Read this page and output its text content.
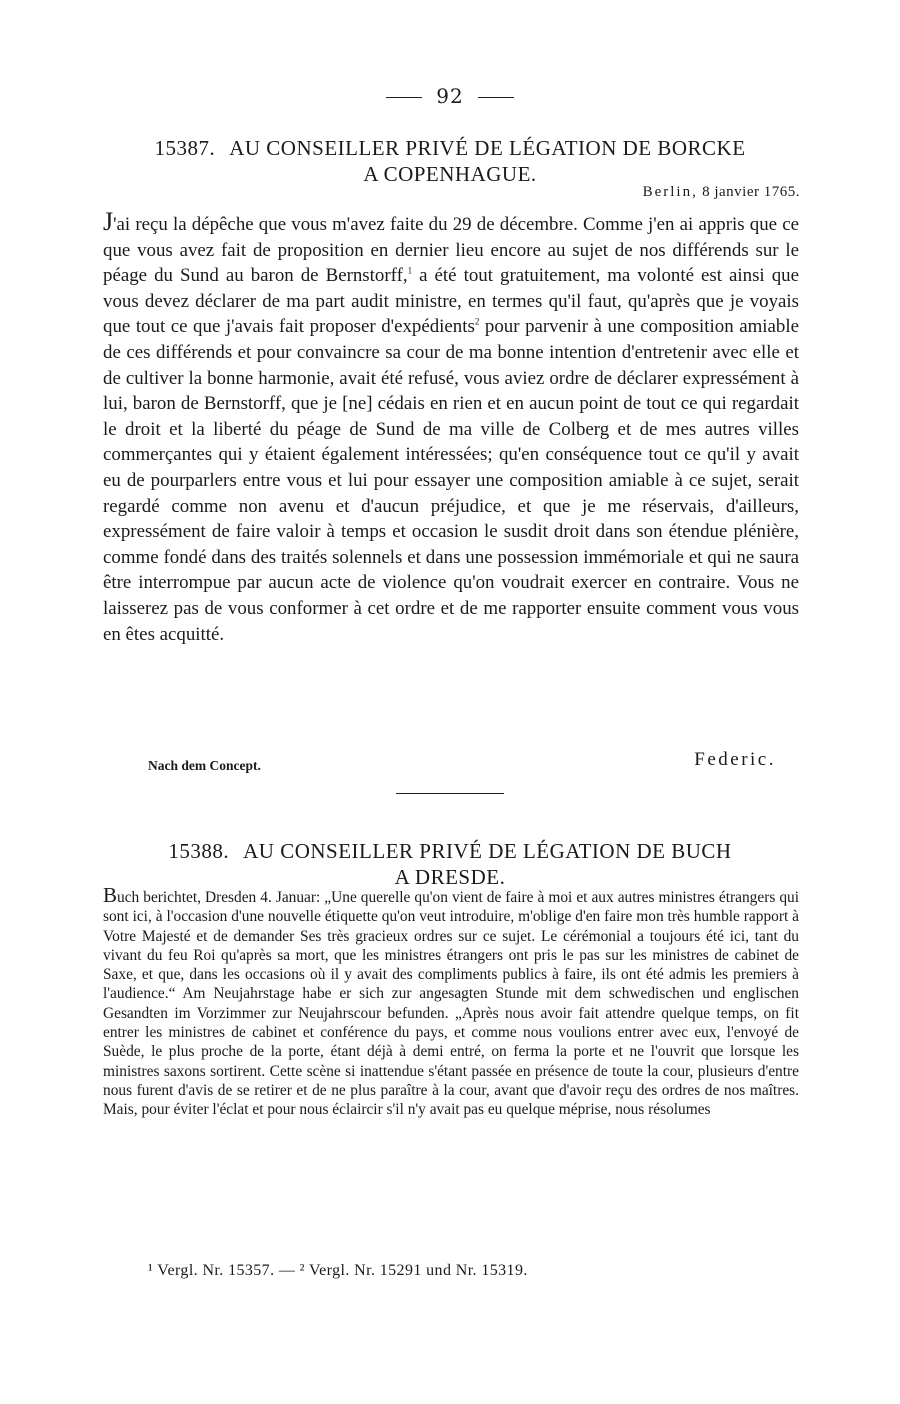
92
15387. AU CONSEILLER PRIVÉ DE LÉGATION DE BORCKE
A COPENHAGUE.
Berlin, 8 janvier 1765.

J'ai reçu la dépêche que vous m'avez faite du 29 de décembre. Comme j'en ai appris que ce que vous avez fait de proposition en dernier lieu encore au sujet de nos différends sur le péage du Sund au baron de Bernstorff,$^1$ a été tout gratuitement, ma volonté est ainsi que vous devez déclarer de ma part audit ministre, en termes qu'il faut, qu'après que je voyais que tout ce que j'avais fait proposer d'expédients$^2$ pour parvenir à une composition amiable de ces différends et pour convaincre sa cour de ma bonne intention d'entretenir avec elle et de cultiver la bonne harmonie, avait été refusé, vous aviez ordre de déclarer expressément à lui, baron de Bernstorff, que je [ne] cédais en rien et en aucun point de tout ce qui regardait le droit et la liberté du péage de Sund de ma ville de Colberg et de mes autres villes commerçantes qui y étaient également intéressées; qu'en conséquence tout ce qu'il y avait eu de pourparlers entre vous et lui pour essayer une composition amiable à ce sujet, serait regardé comme non avenu et d'aucun préjudice, et que je me réservais, d'ailleurs, expressément de faire valoir à temps et occasion le susdit droit dans son étendue plénière, comme fondé dans des traités solennels et dans une possession immémoriale et qui ne saura être interrompue par aucun acte de violence qu'on voudrait exercer en contraire. Vous ne laisserez pas de vous conformer à cet ordre et de me rapporter ensuite comment vous vous en êtes acquitté.

Nach dem Concept.	Federic.
15388. AU CONSEILLER PRIVÉ DE LÉGATION DE BUCH
A DRESDE.

Buch berichtet, Dresden 4. Januar: „Une querelle qu'on vient de faire à moi et aux autres ministres étrangers qui sont ici, à l'occasion d'une nouvelle étiquette qu'on veut introduire, m'oblige d'en faire mon très humble rapport à Votre Majesté et de demander Ses très gracieux ordres sur ce sujet. Le cérémonial a toujours été ici, tant du vivant du feu Roi qu'après sa mort, que les ministres étrangers ont pris le pas sur les ministres de cabinet de Saxe, et que, dans les occasions où il y avait des compliments publics à faire, ils ont été admis les premiers à l'audience.“ Am Neujahrstage habe er sich zur angesagten Stunde mit dem schwedischen und englischen Gesandten im Vorzimmer zur Neujahrscour befunden. „Après nous avoir fait attendre quelque temps, on fit entrer les ministres de cabinet et conférence du pays, et comme nous voulions entrer avec eux, l'envoyé de Suède, le plus proche de la porte, étant déjà à demi entré, on ferma la porte et ne l'ouvrit que lorsque les ministres saxons sortirent. Cette scène si inattendue s'étant passée en présence de toute la cour, plusieurs d'entre nous furent d'avis de se retirer et de ne plus paraître à la cour, avant que d'avoir reçu des ordres de nos maîtres. Mais, pour éviter l'éclat et pour nous éclaircir s'il n'y avait pas eu quelque méprise, nous résolumes

¹ Vergl. Nr. 15357. — ² Vergl. Nr. 15291 und Nr. 15319.
